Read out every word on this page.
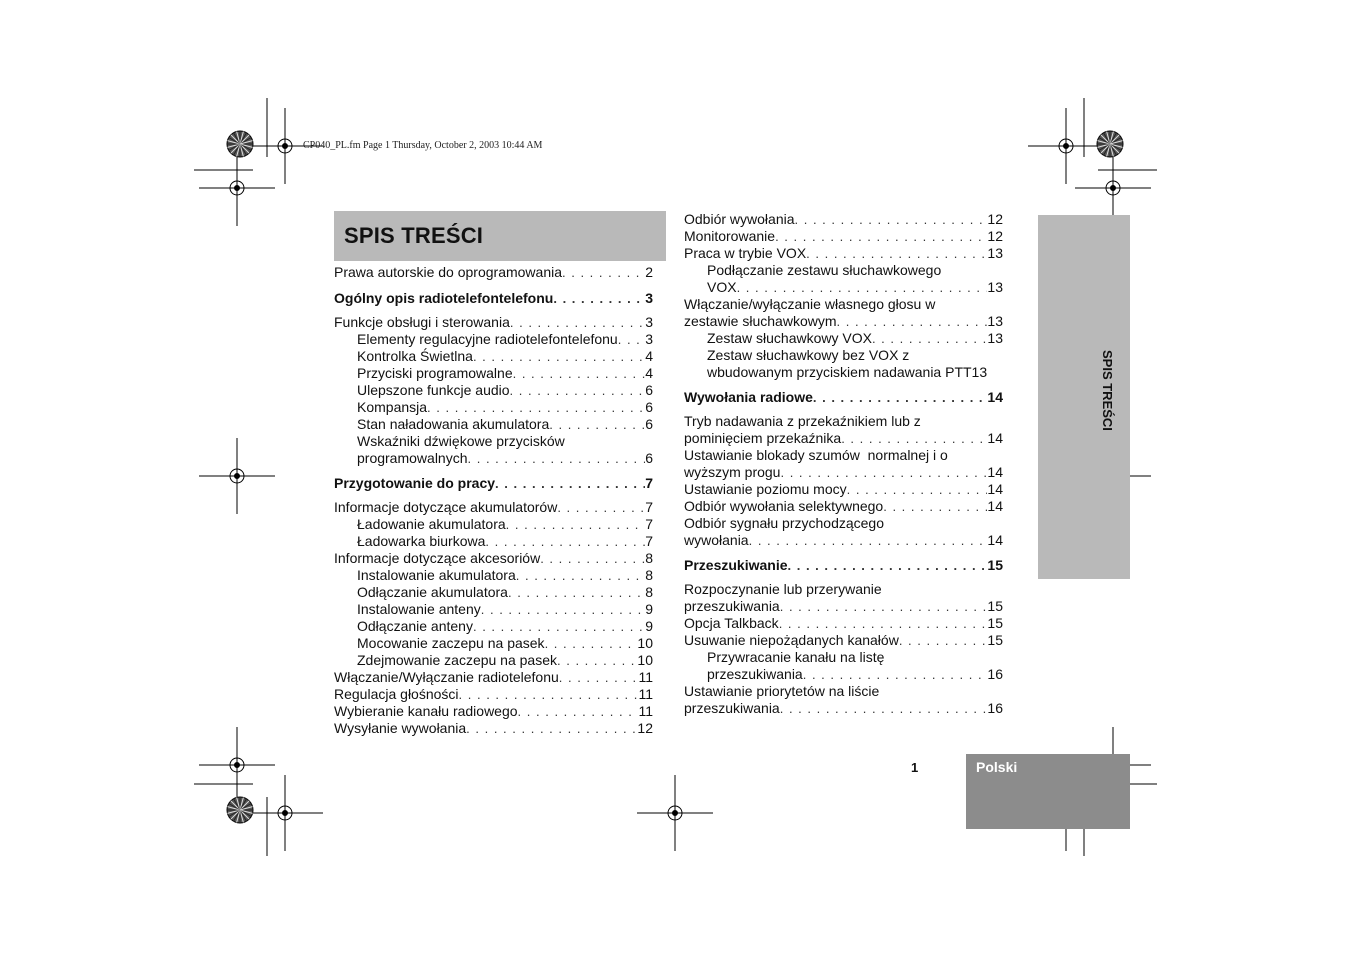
CP040_PL.fm Page 1 Thursday, October 2, 2003 10:44 AM
SPIS TREŚCI
SPIS TREŚCI
Polski
1
Prawa autorskie do oprogramowania . . .	2
Ogólny opis radiotelefontelefonu . . .	3
Funkcje obsługi i sterowania . . .	3
Elementy regulacyjne radiotelefontelefonu . . . 3
Kontrolka Świetlna . . .	4
Przyciski programowalne . . .	4
Ulepszone funkcje audio . . .	6
Kompansja . . .	6
Stan naładowania akumulatora . . .	6
Wskaźniki dźwiękowe przycisków
programowalnych . . .	6
Przygotowanie do pracy . . .	7
Informacje dotyczące akumulatorów . . .	7
Ładowanie akumulatora . . .	7
Ładowarka biurkowa . . .	7
Informacje dotyczące akcesoriów . . .	8
Instalowanie akumulatora . . .	8
Odłączanie akumulatora . . .	8
Instalowanie anteny . . .	9
Odłączanie anteny . . .	9
Mocowanie zaczepu na pasek . . .	10
Zdejmowanie zaczepu na pasek . . .	10
Włączanie/Wyłączanie radiotelefonu . . .	11
Regulacja głośności . . .	11
Wybieranie kanału radiowego . . .	11
Wysyłanie wywołania . . .	12
Odbiór wywołania . . .	12
Monitorowanie . . .	12
Praca w trybie VOX . . .	13
Podłączanie zestawu słuchawkowego
VOX . . .	13
Włączanie/wyłączanie własnego głosu w
zestawie słuchawkowym . . .	13
Zestaw słuchawkowy VOX . . .	13
Zestaw słuchawkowy bez VOX z
wbudowanym przyciskiem nadawania PTT13
Wywołania radiowe . . .	14
Tryb nadawania z przekaźnikiem lub z
pominięciem przekaźnika . . .	14
Ustawianie blokady szumów  normalnej i o
wyższym progu . . .	14
Ustawianie poziomu mocy . . .	14
Odbiór wywołania selektywnego . . .	14
Odbiór sygnału przychodzącego
wywołania . . .	14
Przeszukiwanie . . .	15
Rozpoczynanie lub przerywanie
przeszukiwania . . .	15
Opcja Talkback . . .	15
Usuwanie niepożądanych kanałów . . .	15
Przywracanie kanału na listę
przeszukiwania . . .	16
Ustawianie priorytetów na liście
przeszukiwania . . .	16
